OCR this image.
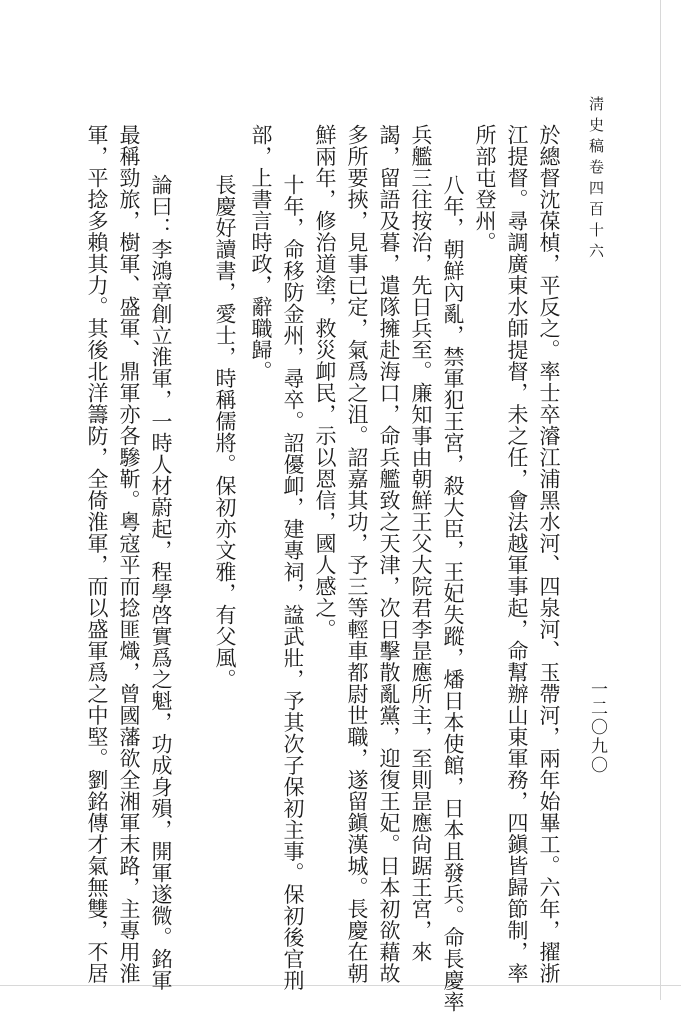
淸史稿卷四百十六
一二〇九〇
於總督沈葆楨，平反之。率士卒濬江浦黑水河、四泉河、玉帶河，兩年始畢工。六年，擢浙
江提督。尋調廣東水師提督，未之任，會法越軍事起，命幫辦山東軍務，四鎭皆歸節制，率
所部屯登州。
八年，朝鮮內亂，禁軍犯王宮，殺大臣，王妃失蹤，燔日本使館，日本且發兵。命長慶率
兵艦三往按治，先日兵至。廉知事由朝鮮王父大院君李昰應所主，至則昰應尙踞王宮，來
謁，留語及暮，遣隊擁赴海口，命兵艦致之天津，次日擊散亂黨，迎復王妃。日本初欲藉故
多所要挾，見事已定，氣爲之沮。詔嘉其功，予三等輕車都尉世職，遂留鎭漢城。長慶在朝
鮮兩年，修治道塗，救災卹民，示以恩信，國人感之。
十年，命移防金州，尋卒。詔優卹，建專祠，諡武壯，予其次子保初主事。保初後官刑
部，上書言時政，辭職歸。
長慶好讀書，愛士，時稱儒將。保初亦文雅，有父風。
論曰：李鴻章創立淮軍，一時人材蔚起，程學啓實爲之魁，功成身殞，開軍遂微。銘軍
最稱勁旅，樹軍、盛軍、鼎軍亦各驂靳。粵寇平而捻匪熾，曾國藩欲全湘軍末路，主專用淮
軍，平捻多賴其力。其後北洋籌防，全倚淮軍，而以盛軍爲之中堅。劉銘傳才氣無雙，不居
